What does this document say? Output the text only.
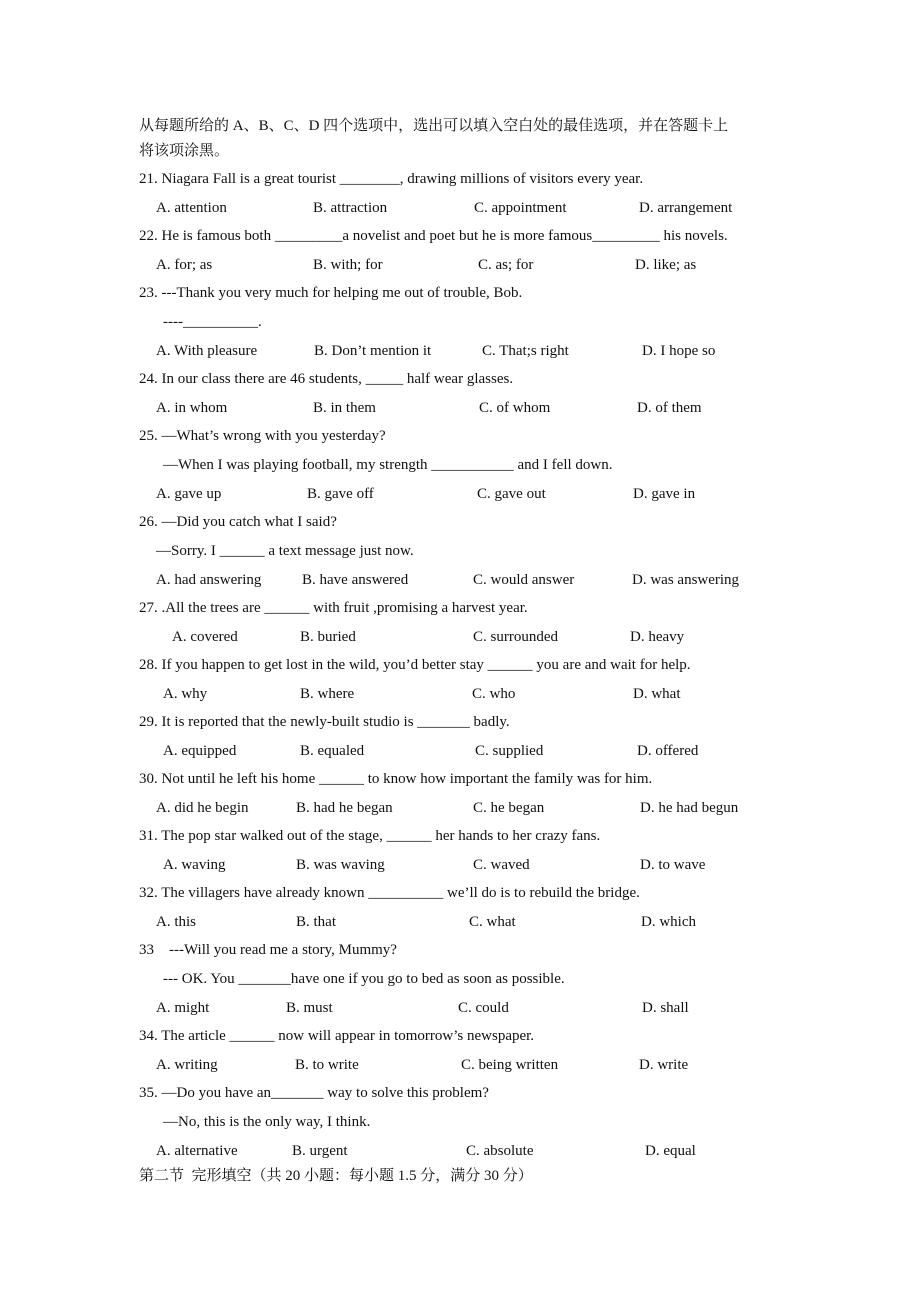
从每题所给的 A、B、C、D 四个选项中，选出可以填入空白处的最佳选项，并在答题卡上
将该项涂黑。
21. Niagara Fall is a great tourist ________, drawing millions of visitors every year.
A. attention	B. attraction	C. appointment	D. arrangement
22. He is famous both _________a novelist and poet but he is more famous_________ his novels.
A. for; as	B. with; for	C. as; for	D. like; as
23. ---Thank you very much for helping me out of trouble, Bob.
----__________.
A. With pleasure	B. Don’t mention it	C. That;s right	D. I hope so
24. In our class there are 46 students, _____ half wear glasses.
A. in whom	B. in them	C. of whom	D. of them
25. —What’s wrong with you yesterday?
—When I was playing football, my strength ___________ and I fell down.
A. gave up	B. gave off	C. gave out	D. gave in
26. —Did you catch what I said?
—Sorry. I ______ a text message just now.
A. had answering	B. have answered	C. would answer	D. was answering
27. .All the trees are ______ with fruit ,promising a harvest year.
A. covered	B. buried	C. surrounded	D. heavy
28. If you happen to get lost in the wild, you’d better stay ______ you are and wait for help.
A. why	B. where	C. who	D. what
29. It is reported that the newly-built studio is _______ badly.
A. equipped	B. equaled	C. supplied	D. offered
30. Not until he left his home ______ to know how important the family was for him.
A. did he begin	B. had he began	C. he began	D. he had begun
31. The pop star walked out of the stage, ______ her hands to her crazy fans.
A. waving	B. was waving	C. waved	D. to wave
32. The villagers have already known __________ we’ll do is to rebuild the bridge.
A. this	B. that	C. what	D. which
33    ---Will you read me a story, Mummy?
--- OK. You _______have one if you go to bed as soon as possible.
A. might	B. must	C. could	D. shall
34. The article ______ now will appear in tomorrow’s newspaper.
A. writing	B. to write	C. being written	D. write
35. —Do you have an_______ way to solve this problem?
—No, this is the only way, I think.
A. alternative	B. urgent	C. absolute	D. equal
第二节  完形填空（共 20 小题：每小题 1.5 分，满分 30 分）
